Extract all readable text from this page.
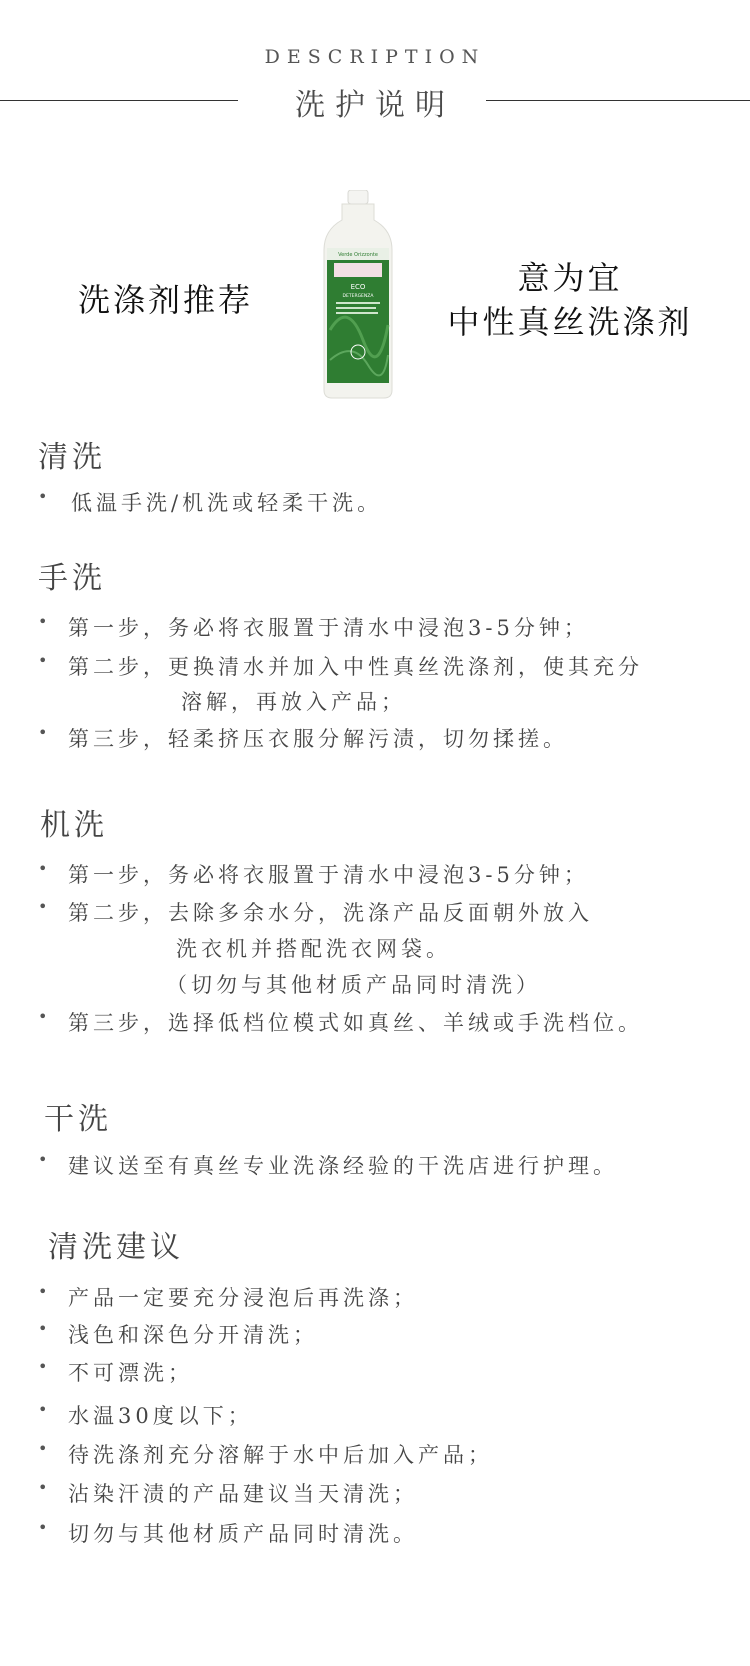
DESCRIPTION
洗护说明
洗涤剂推荐
Verde Orizzonte
ECO
DETERGENZA	意为宜
中性真丝洗涤剂
清洗
• 低温手洗/机洗或轻柔干洗。
手洗
• 第一步，务必将衣服置于清水中浸泡3-5分钟；
• 第二步，更换清水并加入中性真丝洗涤剂，使其充分
溶解，再放入产品；
• 第三步，轻柔挤压衣服分解污渍，切勿揉搓。
机洗
• 第一步，务必将衣服置于清水中浸泡3-5分钟；
• 第二步，去除多余水分，洗涤产品反面朝外放入
洗衣机并搭配洗衣网袋。
（切勿与其他材质产品同时清洗）
• 第三步，选择低档位模式如真丝、羊绒或手洗档位。
干洗
• 建议送至有真丝专业洗涤经验的干洗店进行护理。
清洗建议
• 产品一定要充分浸泡后再洗涤；
• 浅色和深色分开清洗；
• 不可漂洗；
• 水温30度以下；
• 待洗涤剂充分溶解于水中后加入产品；
• 沾染汗渍的产品建议当天清洗；
• 切勿与其他材质产品同时清洗。
